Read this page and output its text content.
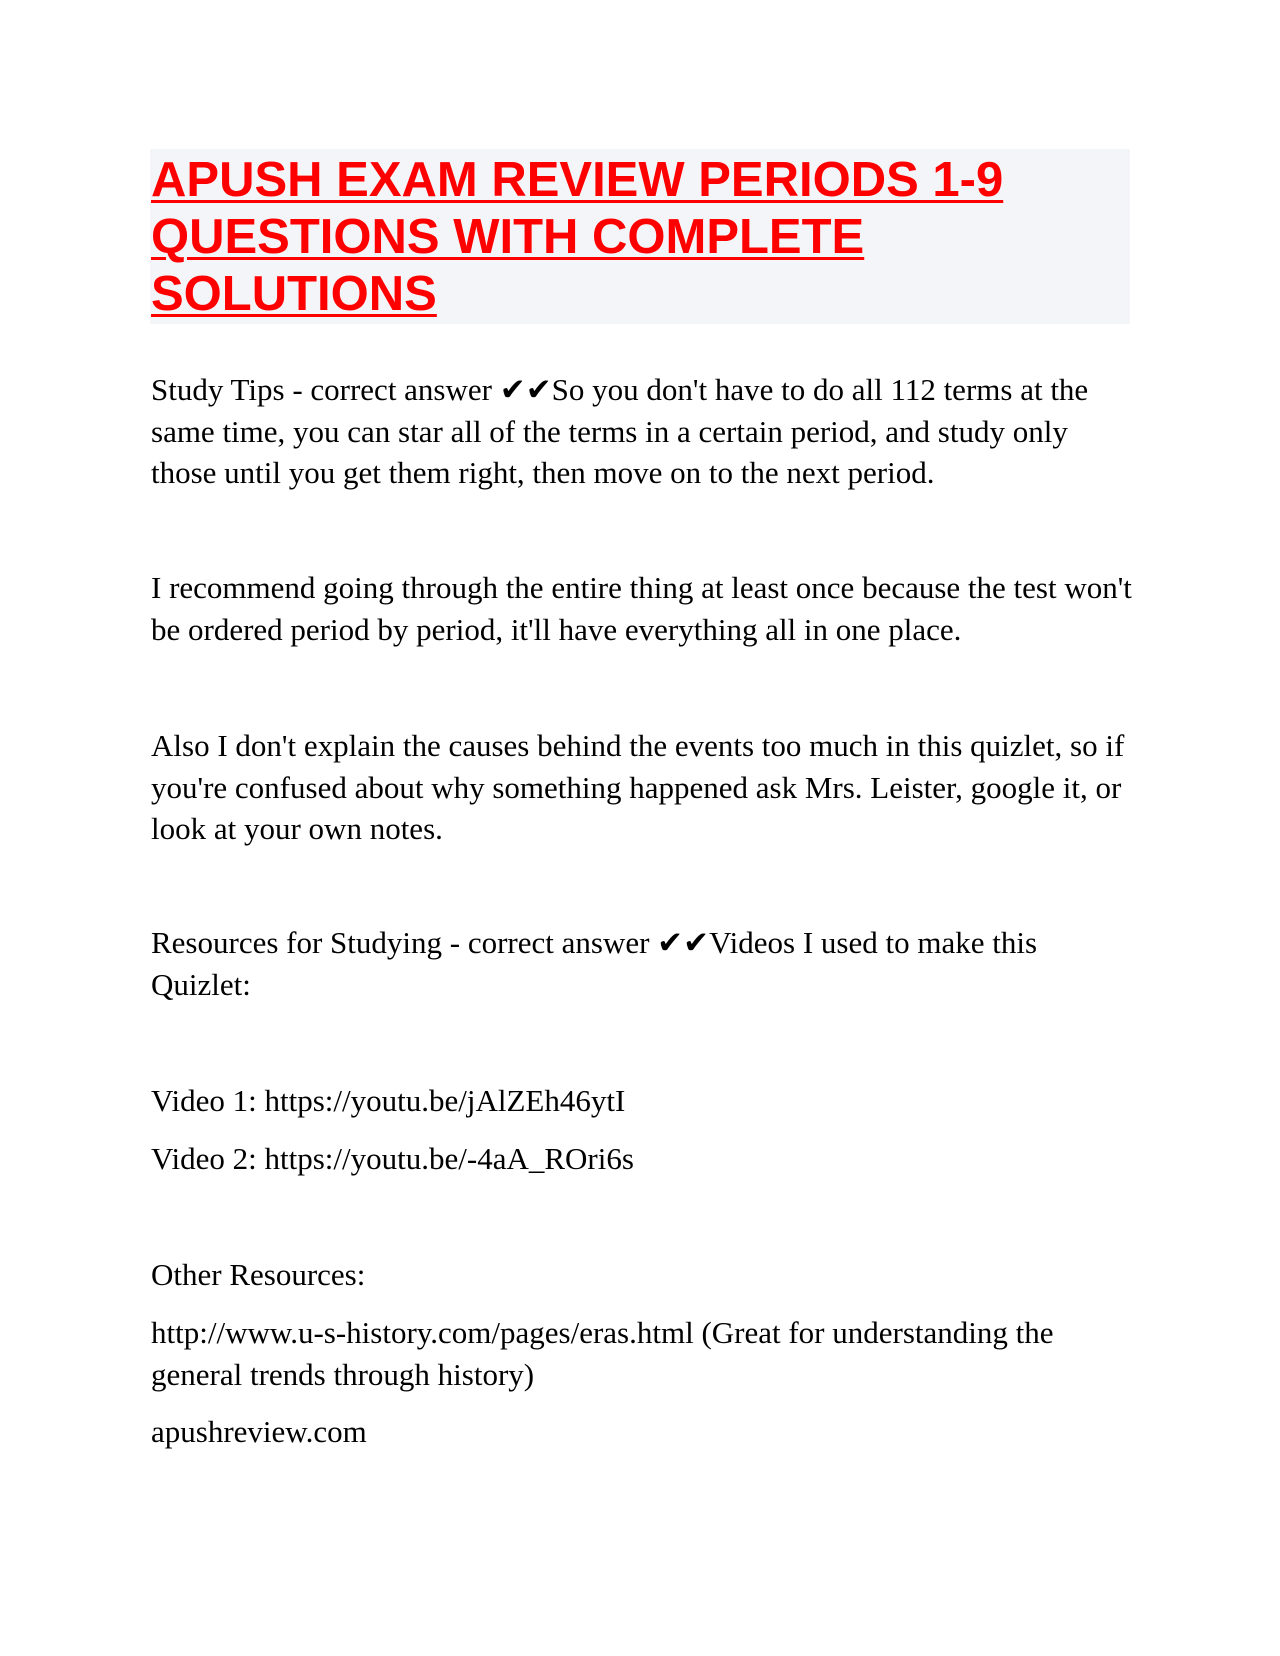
APUSH EXAM REVIEW PERIODS 1-9
QUESTIONS WITH COMPLETE
SOLUTIONS

Study Tips - correct answer ✔✔So you don't have to do all 112 terms at the same time, you can star all of the terms in a certain period, and study only those until you get them right, then move on to the next period.

I recommend going through the entire thing at least once because the test won't be ordered period by period, it'll have everything all in one place.

Also I don't explain the causes behind the events too much in this quizlet, so if you're confused about why something happened ask Mrs. Leister, google it, or look at your own notes.

Resources for Studying - correct answer ✔✔Videos I used to make this Quizlet:

Video 1: https://youtu.be/jAlZEh46ytI

Video 2: https://youtu.be/-4aA_ROri6s

Other Resources:

http://www.u-s-history.com/pages/eras.html (Great for understanding the general trends through history)

apushreview.com
